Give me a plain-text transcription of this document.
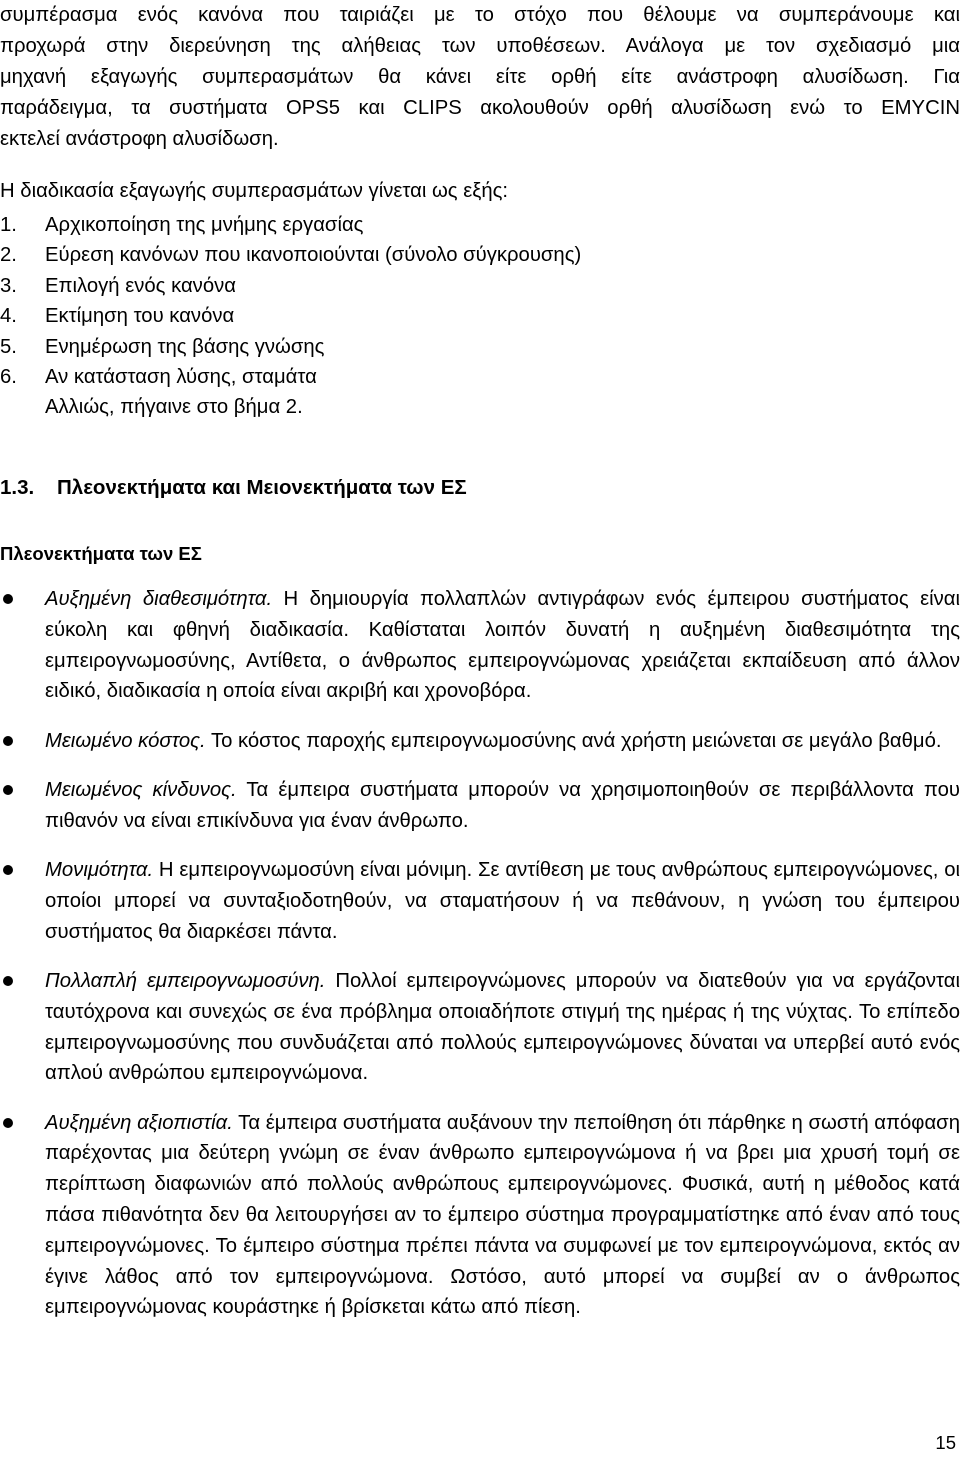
συμπέρασμα ενός κανόνα που ταιριάζει με το στόχο που θέλουμε να συμπεράνουμε και
προχωρά στην διερεύνηση της αλήθειας των υποθέσεων. Ανάλογα με τον σχεδιασμό μια
μηχανή εξαγωγής συμπερασμάτων θα κάνει είτε ορθή είτε ανάστροφη αλυσίδωση. Για
παράδειγμα, τα συστήματα OPS5 και CLIPS ακολουθούν ορθή αλυσίδωση ενώ το EMYCIN
εκτελεί ανάστροφη αλυσίδωση.

Η διαδικασία εξαγωγής συμπερασμάτων γίνεται ως εξής:

1.	Αρχικοποίηση της μνήμης εργασίας
2.	Εύρεση κανόνων που ικανοποιούνται (σύνολο σύγκρουσης)
3.	Επιλογή ενός κανόνα
4.	Εκτίμηση του κανόνα
5.	Ενημέρωση της βάσης γνώσης
6.	Αν κατάσταση λύσης, σταμάτα
Αλλιώς, πήγαινε στο βήμα 2.
1.3. Πλεονεκτήματα και Μειονεκτήματα των ΕΣ
Πλεονεκτήματα των ΕΣ
Αυξημένη διαθεσιμότητα. Η δημιουργία πολλαπλών αντιγράφων ενός έμπειρου συστήματος είναι εύκολη και φθηνή διαδικασία. Καθίσταται λοιπόν δυνατή η αυξημένη διαθεσιμότητα της εμπειρογνωμοσύνης, Αντίθετα, ο άνθρωπος εμπειρογνώμονας χρειάζεται εκπαίδευση από άλλον ειδικό, διαδικασία η οποία είναι ακριβή και χρονοβόρα.
Μειωμένο κόστος. Το κόστος παροχής εμπειρογνωμοσύνης ανά χρήστη μειώνεται σε μεγάλο βαθμό.
Μειωμένος κίνδυνος. Τα έμπειρα συστήματα μπορούν να χρησιμοποιηθούν σε περιβάλλοντα που πιθανόν να είναι επικίνδυνα για έναν άνθρωπο.
Μονιμότητα. Η εμπειρογνωμοσύνη είναι μόνιμη. Σε αντίθεση με τους ανθρώπους εμπειρογνώμονες, οι οποίοι μπορεί να συνταξιοδοτηθούν, να σταματήσουν ή να πεθάνουν, η γνώση του έμπειρου συστήματος θα διαρκέσει πάντα.
Πολλαπλή εμπειρογνωμοσύνη. Πολλοί εμπειρογνώμονες μπορούν να διατεθούν για να εργάζονται ταυτόχρονα και συνεχώς σε ένα πρόβλημα οποιαδήποτε στιγμή της ημέρας ή της νύχτας. Το επίπεδο εμπειρογνωμοσύνης που συνδυάζεται από πολλούς εμπειρογνώμονες δύναται να υπερβεί αυτό ενός απλού ανθρώπου εμπειρογνώμονα.
Αυξημένη αξιοπιστία. Τα έμπειρα συστήματα αυξάνουν την πεποίθηση ότι πάρθηκε η σωστή απόφαση παρέχοντας μια δεύτερη γνώμη σε έναν άνθρωπο εμπειρογνώμονα ή να βρει μια χρυσή τομή σε περίπτωση διαφωνιών από πολλούς ανθρώπους εμπειρογνώμονες. Φυσικά, αυτή η μέθοδος κατά πάσα πιθανότητα δεν θα λειτουργήσει αν το έμπειρο σύστημα προγραμματίστηκε από έναν από τους εμπειρογνώμονες. Το έμπειρο σύστημα πρέπει πάντα να συμφωνεί με τον εμπειρογνώμονα, εκτός αν έγινε λάθος από τον εμπειρογνώμονα. Ωστόσο, αυτό μπορεί να συμβεί αν ο άνθρωπος εμπειρογνώμονας κουράστηκε ή βρίσκεται κάτω από πίεση.

15
